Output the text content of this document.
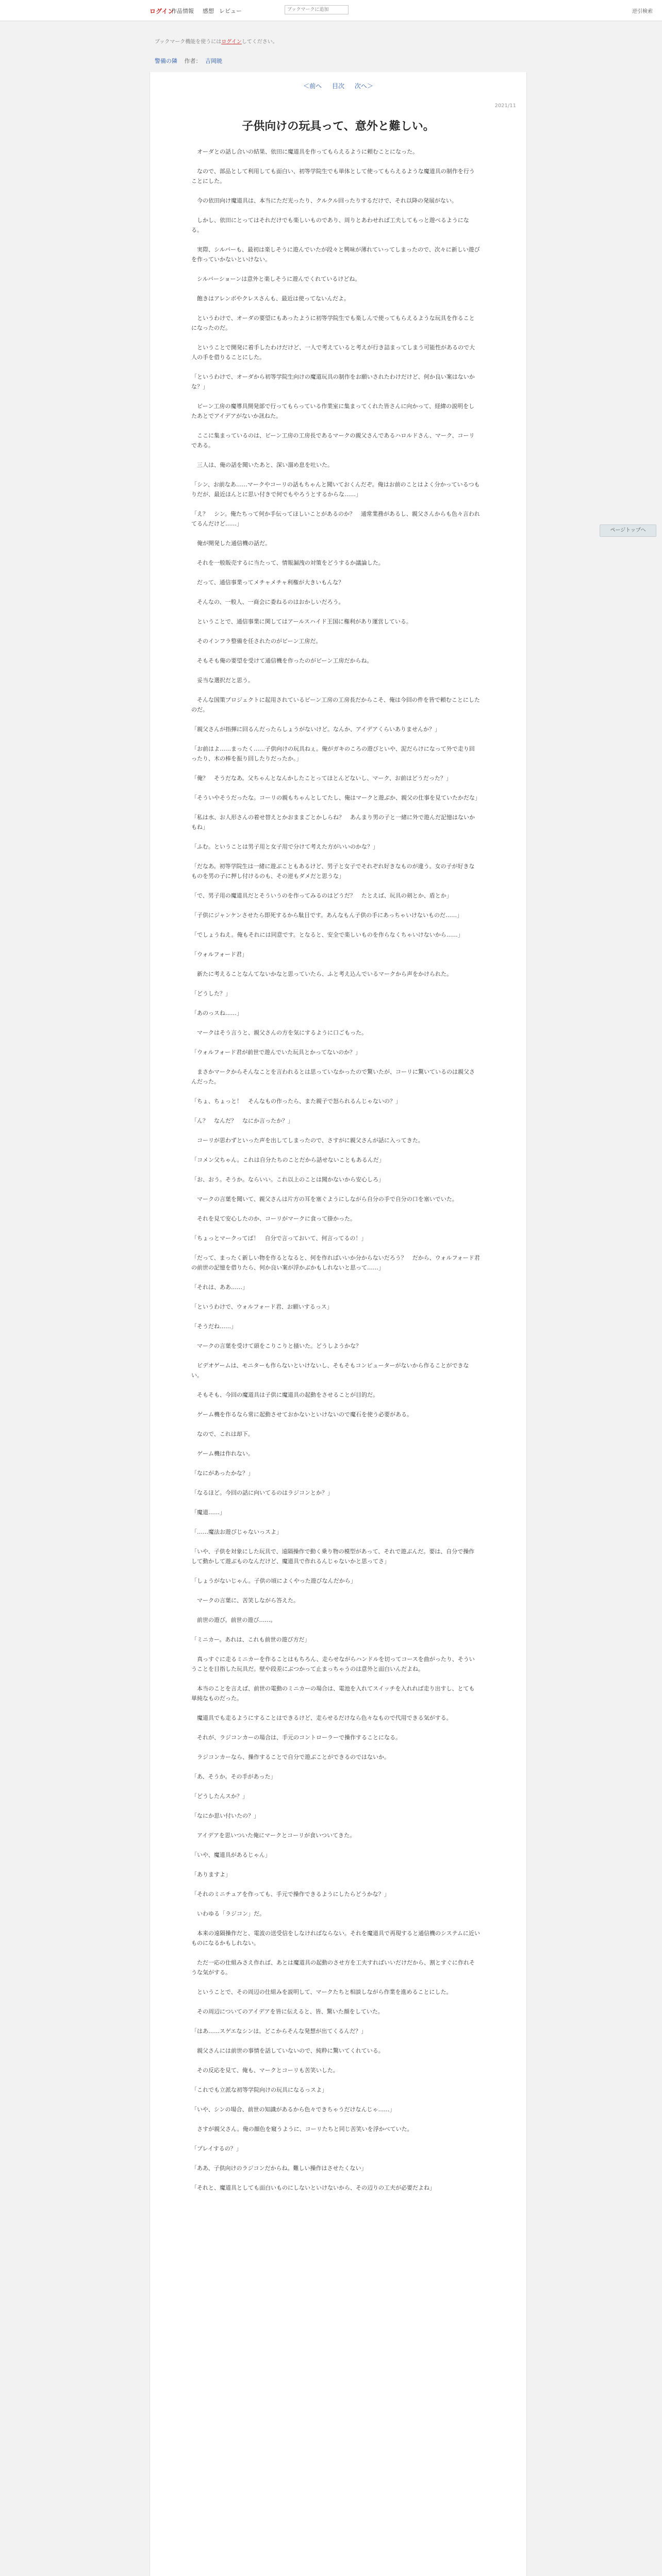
ログイン
作品情報 感想 レビュー
ブックマークに追加	逆引検索
ブックマーク機能を使うにはログインしてください。
警備の隣 作者： 吉岡暁
＜前へ 目次 次へ＞
2021/11
子供向けの玩具って、意外と難しい。

　オーダとの話し合いの結果、依田に魔道具を作ってもらえるように頼むことになった。

　なので、部品として利用しても面白い、初等学院生でも単体として使ってもらえるような魔道具の制作を行うことにした。

　今の依田向け魔道具は、本当にただ光ったり、クルクル回ったりするだけで、それ以降の発展がない。

　しかし、依田にとってはそれだけでも楽しいものであり、周りとあわせれば工夫してもっと遊べるようになる。

　実際、シルバーも、最初は楽しそうに遊んでいたが段々と興味が薄れていってしまったので、次々に新しい遊びを作っていかないといけない。

　シルバーショーンは意外と楽しそうに遊んでくれているけどね。

　飽きはアレンボやクレスさんも、最近は使ってないんだよ。

　というわけで、オーダの要望にもあったように初等学院生でも楽しんで使ってもらえるような玩具を作ることになったのだ。

　ということで開発に着手したわけだけど、一人で考えていると考えが行き詰まってしまう可能性があるので大人の手を借りることにした。

「というわけで、オーダから初等学院生向けの魔道玩具の制作をお願いされたわけだけど、何か良い案はないかな？」

　ビーン工房の魔導具開発部で行ってもらっている作業室に集まってくれた皆さんに向かって、経緯の説明をしたあとでアイデアがないか訊ねた。

　ここに集まっているのは、ビーン工房の工房長であるマークの親父さんであるハロルドさん、マーク、コーリである。

　三人は、俺の話を聞いたあと、深い溜め息を吐いた。

「シン、お前なあ……マークやコーリの話もちゃんと聞いておくんだぞ。俺はお前のことはよく分かっているつもりだが、最近ほんとに思い付きで何でもやろうとするからな……」

「え？　シン。俺たちって何か手伝ってほしいことがあるのか？　通常業務があるし、親父さんからも色々言われてるんだけど……」

　俺が開発した通信機の話だ。

　それを一般販売するに当たって、情報漏洩の対策をどうするか議論した。

　だって、通信事業ってメチャメチャ利権が大きいもんな？

　そんなの、一般人、一商会に委ねるのはおかしいだろう。

　ということで、通信事業に関してはアールスハイド王国に権利があり運営している。

　そのインフラ整備を任されたのがビーン工房だ。

　そもそも俺の要望を受けて通信機を作ったのがビーン工房だからね。

　妥当な選択だと思う。

　そんな国策プロジェクトに起用されているビーン工房の工房長だからこそ、俺は今回の件を皆で頼むことにしたのだ。

「親父さんが指揮に回るんだったらしょうがないけど。なんか、アイデアくらいありませんか？」

「お前はよ……まったく……子供向けの玩具ねぇ。俺がガキのころの遊びといや、泥だらけになって外で走り回ったり、木の棒を振り回したりだったか。」

「俺？　そうだなあ。父ちゃんとなんかしたことってほとんどないし、マーク、お前はどうだった？」

「そういやそうだったな。コーリの親もちゃんとしてたし、俺はマークと遊ぶか、親父の仕事を見ていたかだな」

「私は水、お人形さんの着せ替えとかおままごとかしらね？　あんまり男の子と一緒に外で遊んだ記憶はないかもね」

「ふむ。ということは男子用と女子用で分けて考えた方がいいのかな？」

「だなあ。初等学院生は一緒に遊ぶこともあるけど、男子と女子でそれぞれ好きなものが違う。女の子が好きなものを男の子に押し付けるのも、その逆もダメだと思うな」

「で、男子用の魔道具だとそういうのを作ってみるのはどうだ？　たとえば、玩具の剣とか、盾とか」

「子供にジャンケンさせたら即死するから駄目です。あんなもん子供の手にあっちゃいけないものだ……」

「でしょうねえ。俺もそれには同意です。となると、安全で楽しいものを作らなくちゃいけないから……」

「ウォルフォード君」

　新たに考えることなんてないかなと思っていたら、ふと考え込んでいるマークから声をかけられた。

「どうした？」

「あのっスね……」

　マークはそう言うと、親父さんの方を気にするように口ごもった。

「ウォルフォード君が前世で遊んでいた玩具とかってないのか？」

　まさかマークからそんなことを言われるとは思っていなかったので驚いたが、コーリに驚いているのは親父さんだった。

「ちょ、ちょっと！　そんなもの作ったら、また親子で怒られるんじゃないの？」

「ん？　なんだ？　なにか言ったか？」

　コーリが思わずといった声を出してしまったので、さすがに親父さんが話に入ってきた。

「コメン父ちゃん。これは自分たちのことだから話せないこともあるんだ」

「お、おう。そうか。ならいい。これ以上のことは聞かないから安心しろ」

　マークの言葉を聞いて、親父さんは片方の耳を塞ぐようにしながら自分の手で自分の口を塞いでいた。

　それを見て安心したのか、コーリがマークに食って掛かった。

「ちょっとマークってば！　自分で言っておいて、何言ってるの！」

「だって、まったく新しい物を作るとなると、何を作ればいいか分からないだろう？　だから、ウォルフォード君の前世の記憶を借りたら、何か良い案が浮かぶかもしれないと思って……」

「それは、ああ……」

「というわけで、ウォルフォード君、お願いするっス」

「そうだね……」

　マークの言葉を受けて頭をこりこりと掻いた。どうしようかな？

　ビデオゲームは、モニターも作らないといけないし、そもそもコンピューターがないから作ることができない。

　そもそも、今回の魔道具は子供に魔道具の起動をさせることが目的だ。

　ゲーム機を作るなら常に起動させておかないといけないので魔石を使う必要がある。

　なので、これは却下。

　ゲーム機は作れない。

「なにがあったかな？」

「なるほど。今回の話に向いてるのはラジコンとか？」

「魔道……」

「……魔法お遊びじゃないっスよ」

「いや、子供を対象にした玩具で、遠隔操作で動く乗り物の模型があって、それで遊ぶんだ。要は、自分で操作して動かして遊ぶものなんだけど、魔道具で作れるんじゃないかと思ってさ」

「しょうがないじゃん。子供の頃によくやった遊びなんだから」

　マークの言葉に、苦笑しながら答えた。

　前世の遊び。前世の遊び……。

「ミニカー。あれは、これも前世の遊び方だ」

　真っすぐに走るミニカーを作ることはもちろん、走らせながらハンドルを切ってコースを曲がったり、そういうことを目指した玩具だ。壁や段差にぶつかって止まっちゃうのは意外と面白いんだよね。

　本当のことを言えば、前世の電動のミニカーの場合は、電池を入れてスイッチを入れれば走り出すし、とても単純なものだった。

　魔道具でも走るようにすることはできるけど、走らせるだけなら色々なもので代用できる気がする。

　それが、ラジコンカーの場合は、手元のコントローラーで操作することになる。

　ラジコンカーなら、操作することで自分で遊ぶことができるのではないか。

「あ、そうか。その手があった」

「どうしたんスか？」

「なにか思い付いたの？」

　アイデアを思いついた俺にマークとコーリが食いついてきた。

「いや、魔道具があるじゃん」

「ありますよ」

「それのミニチュアを作っても、手元で操作できるようにしたらどうかな？」

　いわゆる「ラジコン」だ。

　本来の遠隔操作だと、電波の送受信をしなければならない。それを魔道具で再現すると通信機のシステムに近いものになるかもしれない。

　ただ一応の仕組みさえ作れば、あとは魔道具の起動のさせ方を工夫すればいいだけだから、割とすぐに作れそうな気がする。

　ということで、その周辺の仕組みを説明して、マークたちと相談しながら作業を進めることにした。

　その周辺についてのアイデアを皆に伝えると、皆、驚いた顔をしていた。

「はあ……スゲエなシンは。どこからそんな発想が出てくるんだ？」

　親父さんには前世の事情を話していないので、純粋に驚いてくれている。

　その反応を見て、俺も、マークとコーリも苦笑いした。

「これでも立派な初等学院向けの玩具になるっスよ」

「いや、シンの場合、前世の知識があるから色々できちゃうだけなんじゃ……」

　さすが親父さん。俺の顔色を窺うように、コーリたちと同じ苦笑いを浮かべていた。

「プレイするの？」

「ああ、子供向けのラジコンだからね。難しい操作はさせたくない」

「それと、魔道具としても面白いものにしないといけないから、その辺りの工夫が必要だよね」

ページトップへ
